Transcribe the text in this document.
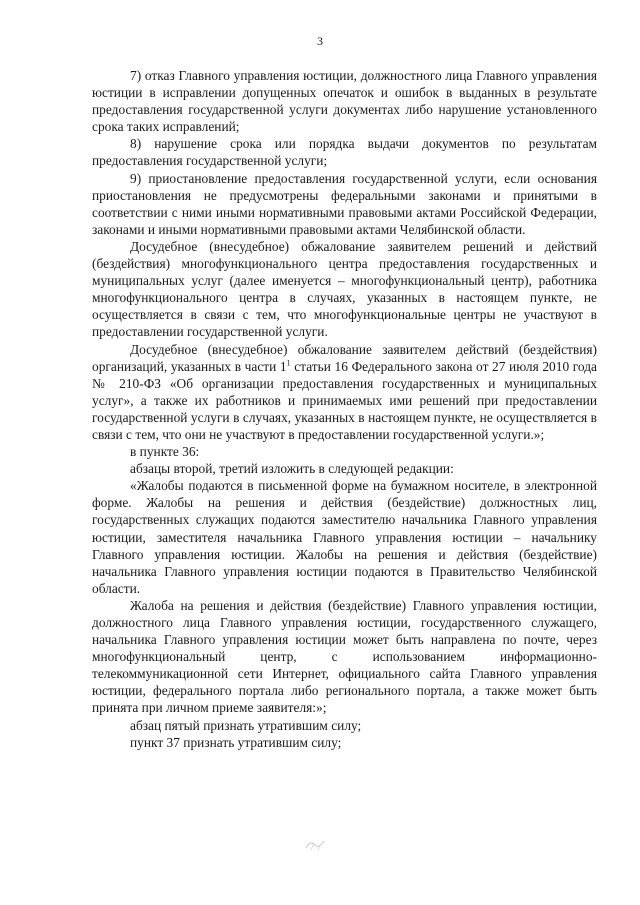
3

7) отказ Главного управления юстиции, должностного лица Главного управления юстиции в исправлении допущенных опечаток и ошибок в выданных в результате предоставления государственной услуги документах либо нарушение установленного срока таких исправлений;

8) нарушение срока или порядка выдачи документов по результатам предоставления государственной услуги;

9) приостановление предоставления государственной услуги, если основания приостановления не предусмотрены федеральными законами и принятыми в соответствии с ними иными нормативными правовыми актами Российской Федерации, законами и иными нормативными правовыми актами Челябинской области.

Досудебное (внесудебное) обжалование заявителем решений и действий (бездействия) многофункционального центра предоставления государственных и муниципальных услуг (далее именуется – многофункциональный центр), работника многофункционального центра в случаях, указанных в настоящем пункте, не осуществляется в связи с тем, что многофункциональные центры не участвуют в предоставлении государственной услуги.

Досудебное (внесудебное) обжалование заявителем действий (бездействия) организаций, указанных в части $1^1$ статьи 16 Федерального закона от 27 июля 2010 года № 210-ФЗ «Об организации предоставления государственных и муниципальных услуг», а также их работников и принимаемых ими решений при предоставлении государственной услуги в случаях, указанных в настоящем пункте, не осуществляется в связи с тем, что они не участвуют в предоставлении государственной услуги.»;

в пункте 36:

абзацы второй, третий изложить в следующей редакции:

«Жалобы подаются в письменной форме на бумажном носителе, в электронной форме. Жалобы на решения и действия (бездействие) должностных лиц, государственных служащих подаются заместителю начальника Главного управления юстиции, заместителя начальника Главного управления юстиции – начальнику Главного управления юстиции. Жалобы на решения и действия (бездействие) начальника Главного управления юстиции подаются в Правительство Челябинской области.

Жалоба на решения и действия (бездействие) Главного управления юстиции, должностного лица Главного управления юстиции, государственного служащего, начальника Главного управления юстиции может быть направлена по почте, через многофункциональный центр, с использованием информационно-телекоммуникационной сети Интернет, официального сайта Главного управления юстиции, федерального портала либо регионального портала, а также может быть принята при личном приеме заявителя:»;

абзац пятый признать утратившим силу;

пункт 37 признать утратившим силу;
